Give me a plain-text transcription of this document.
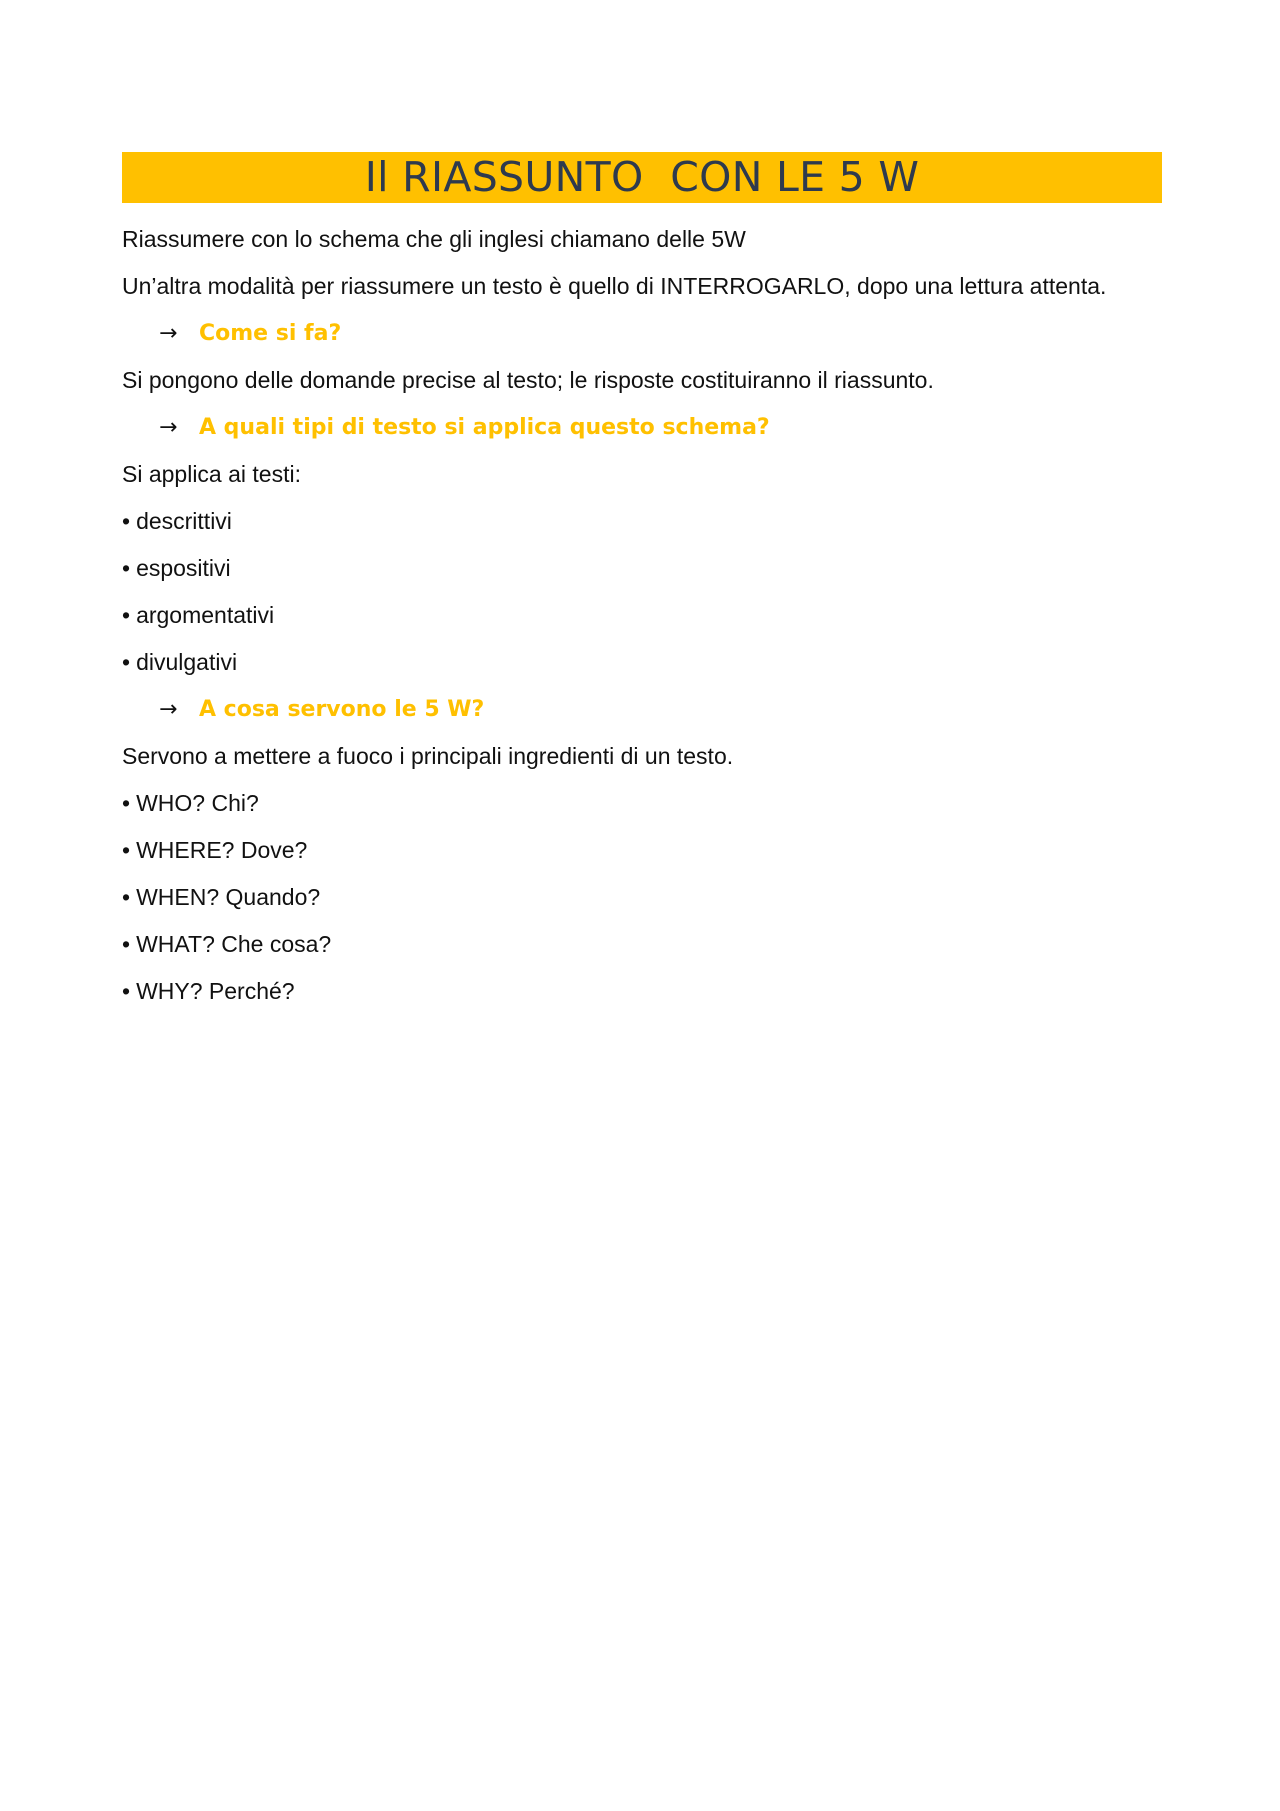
Il RIASSUNTO  CON LE 5 W

Riassumere con lo schema che gli inglesi chiamano delle 5W

Un’altra modalità per riassumere un testo è quello di INTERROGARLO, dopo una lettura attenta.

→ Come si fa?

Si pongono delle domande precise al testo; le risposte costituiranno il riassunto.

→ A quali tipi di testo si applica questo schema?

Si applica ai testi:

• descrittivi
• espositivi
• argomentativi
• divulgativi
→ A cosa servono le 5 W?

Servono a mettere a fuoco i principali ingredienti di un testo.

• WHO? Chi?
• WHERE? Dove?
• WHEN? Quando?
• WHAT? Che cosa?
• WHY? Perché?
